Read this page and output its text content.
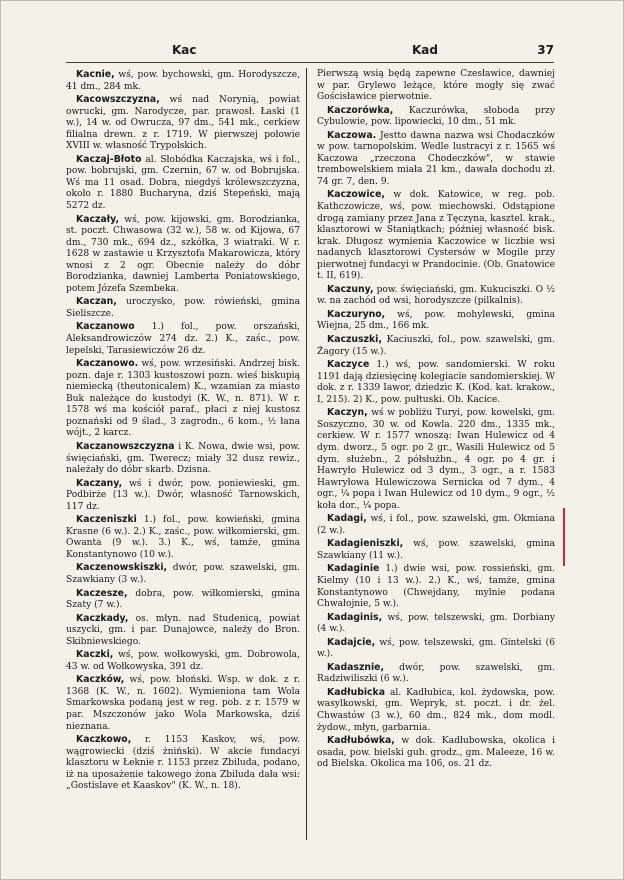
Kac	Kad	37

Kacnie, wś, pow. bychowski, gm. Horodyszcze, 41 dm., 284 mk.

Kacowszczyzna, wś nad Norynią, powiat owrucki, gm. Narodycze, par. prawosł. Łaski (1 w.), 14 w. od Owrucza, 97 dm., 541 mk., cerkiew filialna drewn. z r. 1719. W pierwszej połowie XVIII w. własność Trypolskich.

Kaczaj-Błoto al. Słobódka Kaczajska, wś i fol., pow. bobrujski, gm. Czernin, 67 w. od Bobrujska. Wś ma 11 osad. Dobra, niegdyś królewszczyzna, około r. 1880 Bucharyna, dziś Stepeński, mają 5272 dz.

Kaczały, wś, pow. kijowski, gm. Borodzianka, st. poczt. Chwasowa (32 w.), 58 w. od Kijowa, 67 dm., 730 mk., 694 dz., szkółka, 3 wiatraki. W r. 1628 w zastawie u Krzysztofa Makarowicza, który wnosi z 2 ogr. Obecnie należy do dóbr Borodzianka, dawniej Lamberta Poniatowskiego, potem Józefa Szembeka.

Kaczan, uroczysko, pow. rówieński, gmina Sieliszcze.

Kaczanowo 1.) fol., pow. orszański, Aleksandrowiczów 274 dz. 2.) K., zaśc., pow. lepelski, Tarasiewiczów 26 dz.

Kaczanowo. wś, pow. wrzesiński. Andrzej bisk. pozn. daje r. 1303 kustoszowi pozn. wieś biskupią niemiecką (theutonicalem) K., wzamian za miasto Buk należące do kustodyi (K. W., n. 871). W r. 1578 wś ma kościół paraf., płaci z niej kustosz poznański od 9 ślad., 3 zagrodn., 6 kom., ½ łana wójt., 2 karcz.

Kaczanowszczyzna i K. Nowa, dwie wsi, pow. święciański, gm. Twerecz; miały 32 dusz rewiz., należały do dóbr skarb. Dzisna.

Kaczany, wś i dwór, pow. poniewieski, gm. Podbirże (13 w.). Dwór, własność Tarnowskich, 117 dz.

Kaczeniszki 1.) fol., pow. kowieński, gmina Krasne (6 w.). 2.) K., zaśc., pow. wiłkomierski, gm. Owanta (9 w.). 3.) K., wś, tamże, gmina Konstantynowo (10 w.).

Kaczenowskiszki, dwór, pow. szawelski, gm. Szawkiany (3 w.).

Kaczesze, dobra, pow. wiłkomierski, gmina Szaty (7 w.).

Kaczkady, os. młyn. nad Studenicą, powiat uszycki, gm. i par. Dunajowce, należy do Bron. Skibniewskiego.

Kaczki, wś, pow. wołkowyski, gm. Dobrowola, 43 w. od Wołkowyska, 391 dz.

Kaczków, wś, pow. błoński. Wsp. w dok. z r. 1368 (K. W., n. 1602). Wymieniona tam Wola Smarkowska podaną jest w reg. pob. z r. 1579 w par. Mszczonów jako Wola Markowska, dziś nieznana.

Kaczkowo, r. 1153 Kaskov, wś, pow. wągrowiecki (dziś żniński). W akcie fundacyi klasztoru w Łeknie r. 1153 przez Zbiluda, podano, iż na uposażenie takowego żona Zbiluda dała wsi: „Gostislave et Kaaskov" (K. W., n. 18).

Pierwszą wsią będą zapewne Czesławice, dawniej w par. Grylewo leżące, które mogły się zwać Gościsławice pierwotnie.

Kaczorówka, Kaczurówka, słoboda przy Cybulowie, pow. lipowiecki, 10 dm., 51 mk.

Kaczowa. Jestto dawna nazwa wsi Chodaczków w pow. tarnopolskim. Wedle lustracyi z r. 1565 wś Kaczowa „rzeczona Chodeczków", w stawie trembowelskiem miała 21 km., dawała dochodu zł. 74 gr. 7, den. 9.

Kaczowice, w dok. Katowice, w reg. pob. Kathczowicze, wś, pow. miechowski. Odstąpione drogą zamiany przez Jana z Tęczyna, kasztel. krak., klasztorowi w Staniątkach; później własność bisk. krak. Długosz wymienia Kaczowice w liczbie wsi nadanych klasztorowi Cystersów w Mogile przy pierwotnej fundacyi w Prandocinie. (Ob. Gnatowice t. II, 619).

Kaczuny, pow. święciański, gm. Kukuciszki. O ½ w. na zachód od wsi, horodyszcze (pilkalnis).

Kaczuryno, wś, pow. mohylewski, gmina Wiejna, 25 dm., 166 mk.

Kaczuszki, Kaciuszki, fol., pow. szawelski, gm. Żagory (15 w.).

Kaczyce 1.) wś, pow. sandomierski. W roku 1191 dają dziesięcinę kolegiacie sandomierskiej. W dok. z r. 1339 Iawor, dziedzic K. (Kod. kat. krakow., I, 215). 2) K., pow. pułtuski. Ob. Kacice.

Kaczyn, wś w pobliżu Turyi, pow. kowelski, gm. Soszyczno, 30 w. od Kowla. 220 dm., 1335 mk., cerkiew. W r. 1577 wnoszą: Iwan Hulewicz od 4 dym. dworz., 5 ogr. po 2 gr., Wasili Hulewicz od 5 dym. służebn., 2 półsłużbn., 4 ogr. po 4 gr. i Hawryło Hulewicz od 3 dym., 3 ogr., a r. 1583 Hawryłowa Hulewiczowa Sernicka od 7 dym., 4 ogr., ¼ popa i Iwan Hulewicz od 10 dym., 9 ogr., ½ koła dor., ¼ popa.

Kadagi, wś, i fol., pow. szawelski, gm. Okmiana (2 w.).

Kadagieniszki, wś, pow. szawelski, gmina Szawkiany (11 w.).

Kadaginie 1.) dwie wsi, pow. rossieński, gm. Kielmy (10 i 13 w.). 2.) K., wś, tamże, gmina Konstantynowo (Chwejdany, mylnie podana Chwałojnie, 5 w.).

Kadaginis, wś, pow. telszewski, gm. Dorbiany (4 w.).

Kadajcie, wś, pow. telszewski, gm. Gintelski (6 w.).

Kadasznie, dwór, pow. szawelski, gm. Radziwiliszki (6 w.).

Kadłubicka al. Kadłubica, kol. żydowska, pow. wasylkowski, gm. Wepryk, st. poczt. i dr. żel. Chwastów (3 w.), 60 dm., 824 mk., dom modl. żydow., młyn, garbarnia.

Kadłubówka, w dok. Kadłubowska, okolica i osada, pow. bielski gub. grodz., gm. Maleeze, 16 w. od Bielska. Okolica ma 106, os. 21 dz.
